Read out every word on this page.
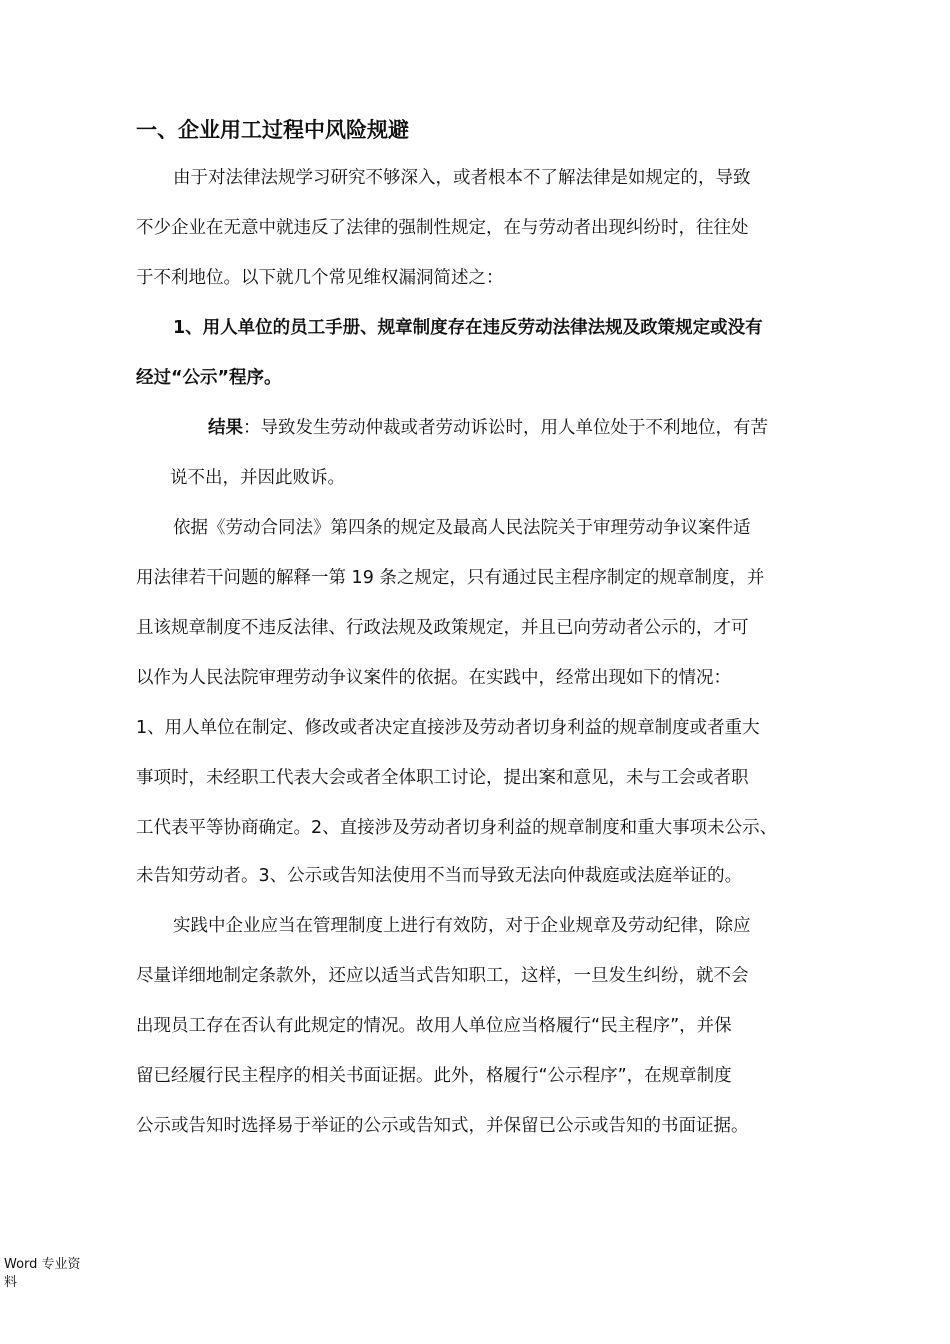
一、企业用工过程中风险规避
由于对法律法规学习研究不够深入，或者根本不了解法律是如规定的，导致
不少企业在无意中就违反了法律的强制性规定，在与劳动者出现纠纷时，往往处
于不利地位。以下就几个常见维权漏洞简述之：
1、用人单位的员工手册、规章制度存在违反劳动法律法规及政策规定或没有
经过“公示”程序。
结果：导致发生劳动仲裁或者劳动诉讼时，用人单位处于不利地位，有苦
说不出，并因此败诉。
依据《劳动合同法》第四条的规定及最高人民法院关于审理劳动争议案件适
用法律若干问题的解释一第 19 条之规定，只有通过民主程序制定的规章制度，并
且该规章制度不违反法律、行政法规及政策规定，并且已向劳动者公示的，才可
以作为人民法院审理劳动争议案件的依据。在实践中，经常出现如下的情况：
1、用人单位在制定、修改或者决定直接涉及劳动者切身利益的规章制度或者重大
事项时，未经职工代表大会或者全体职工讨论，提出案和意见，未与工会或者职
工代表平等协商确定。2、直接涉及劳动者切身利益的规章制度和重大事项未公示、
未告知劳动者。3、公示或告知法使用不当而导致无法向仲裁庭或法庭举证的。
实践中企业应当在管理制度上进行有效防，对于企业规章及劳动纪律，除应
尽量详细地制定条款外，还应以适当式告知职工，这样，一旦发生纠纷，就不会
出现员工存在否认有此规定的情况。故用人单位应当格履行“民主程序”，并保
留已经履行民主程序的相关书面证据。此外，格履行“公示程序”，在规章制度
公示或告知时选择易于举证的公示或告知式，并保留已公示或告知的书面证据。
Word 专业资
料
